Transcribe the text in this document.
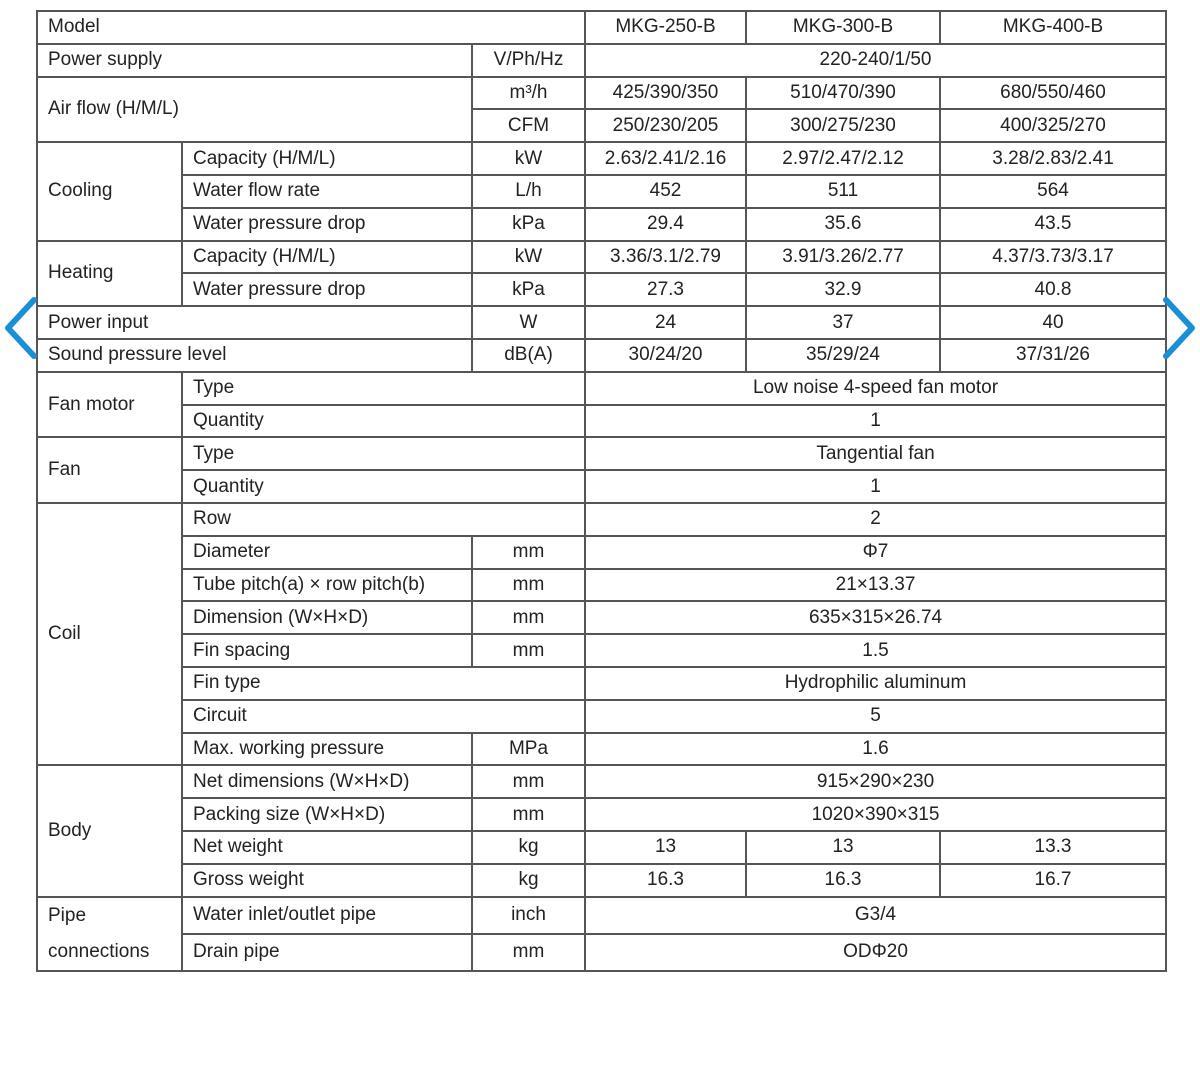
Model			MKG-250-B	MKG-300-B	MKG-400-B
Power supply		V/Ph/Hz	220-240/1/50		
Air flow (H/M/L)		m³/h	425/390/350	510/470/390	680/550/460
		CFM	250/230/205	300/275/230	400/325/270
Cooling	Capacity (H/M/L)	kW	2.63/2.41/2.16	2.97/2.47/2.12	3.28/2.83/2.41
	Water flow rate	L/h	452	511	564
	Water pressure drop	kPa	29.4	35.6	43.5
Heating	Capacity (H/M/L)	kW	3.36/3.1/2.79	3.91/3.26/2.77	4.37/3.73/3.17
	Water pressure drop	kPa	27.3	32.9	40.8
Power input		W	24	37	40
Sound pressure level		dB(A)	30/24/20	35/29/24	37/31/26
Fan motor	Type		Low noise 4-speed fan motor		
	Quantity		1		
Fan	Type		Tangential fan		
	Quantity		1		
Coil	Row		2		
	Diameter	mm	Φ7		
	Tube pitch(a) × row pitch(b)	mm	21×13.37		
	Dimension (W×H×D)	mm	635×315×26.74		
	Fin spacing	mm	1.5		
	Fin type		Hydrophilic aluminum		
	Circuit		5		
	Max. working pressure	MPa	1.6		
Body	Net dimensions (W×H×D)	mm	915×290×230		
	Packing size (W×H×D)	mm	1020×390×315		
	Net weight	kg	13	13	13.3
	Gross weight	kg	16.3	16.3	16.7

Pipe
connections	Water inlet/outlet pipe	inch	G3/4		
	Drain pipe	mm	ODΦ20		
